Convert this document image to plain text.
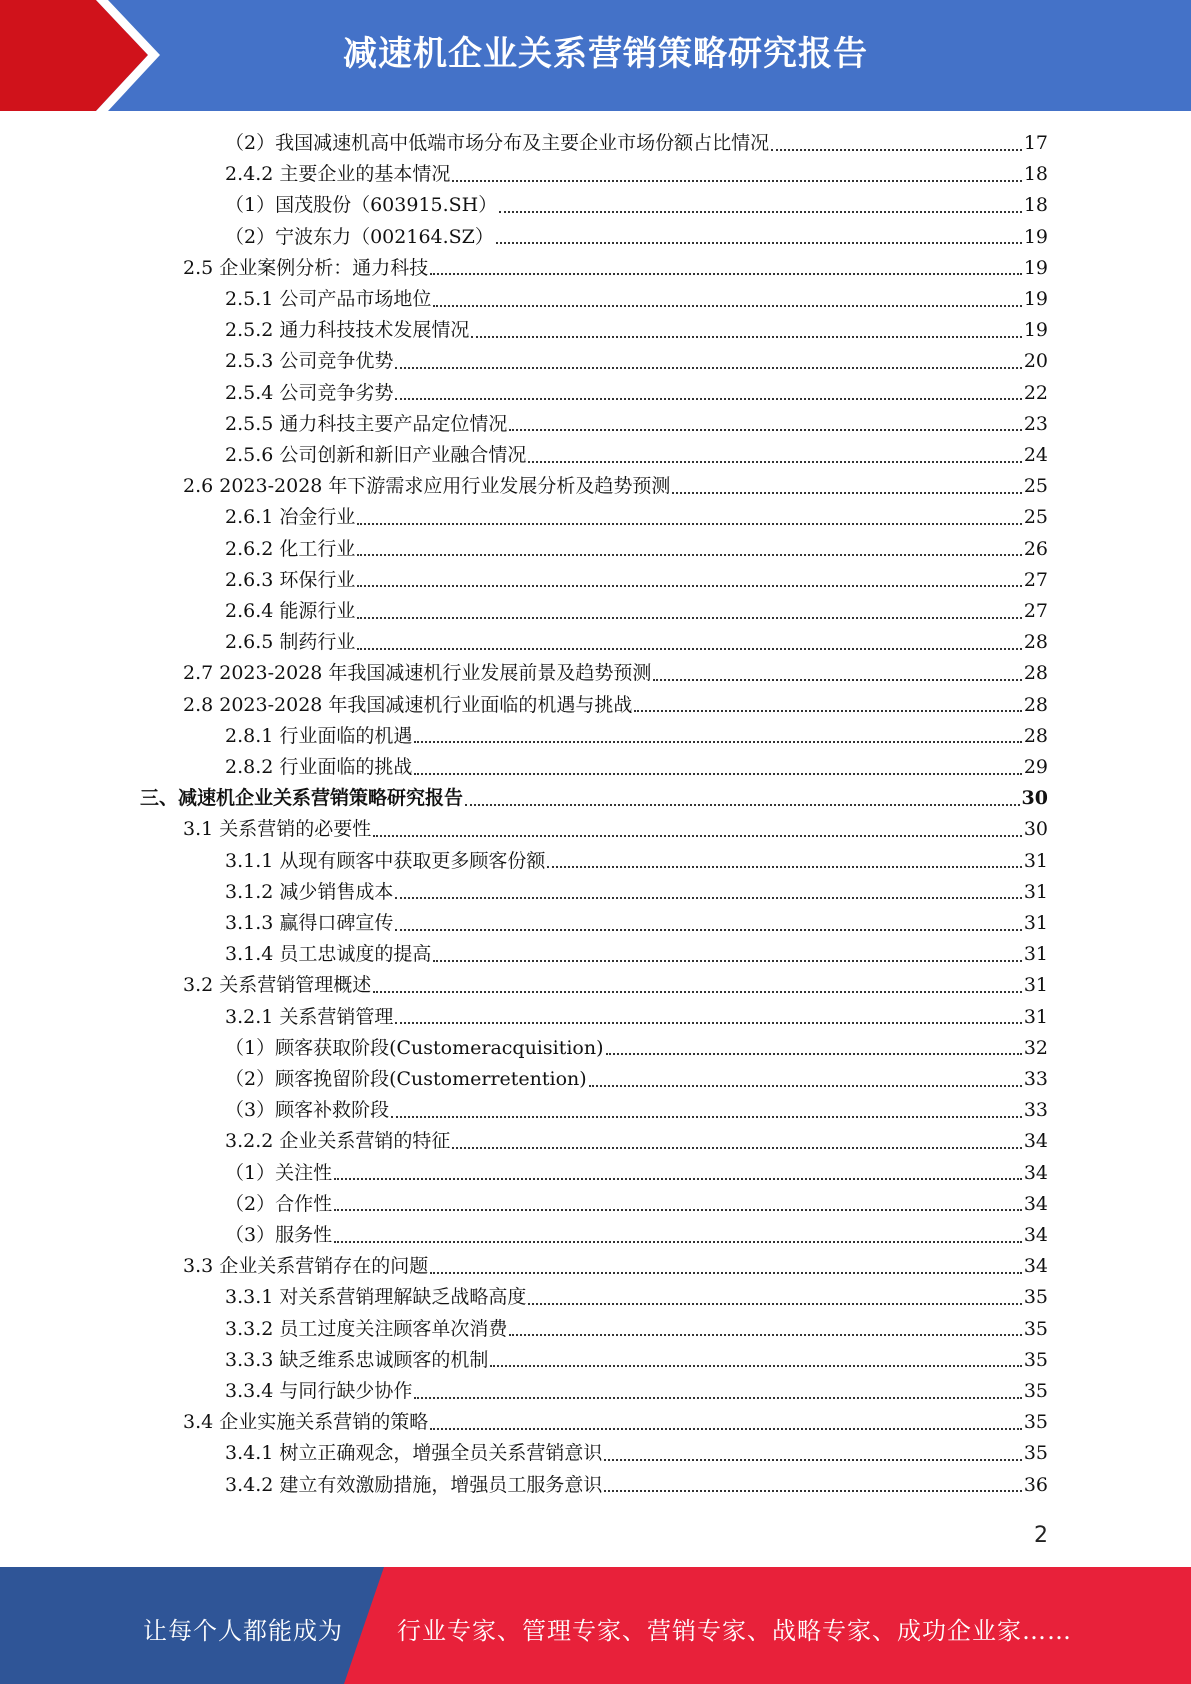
减速机企业关系营销策略研究报告
（2）我国减速机高中低端市场分布及主要企业市场份额占比情况	17
2.4.2 主要企业的基本情况	18
（1）国茂股份（603915.SH）	18
（2）宁波东力（002164.SZ）	19
2.5 企业案例分析：通力科技	19
2.5.1 公司产品市场地位	19
2.5.2 通力科技技术发展情况	19
2.5.3 公司竞争优势	20
2.5.4 公司竞争劣势	22
2.5.5 通力科技主要产品定位情况	23
2.5.6 公司创新和新旧产业融合情况	24
2.6 2023-2028 年下游需求应用行业发展分析及趋势预测	25
2.6.1 冶金行业	25
2.6.2 化工行业	26
2.6.3 环保行业	27
2.6.4 能源行业	27
2.6.5 制药行业	28
2.7 2023-2028 年我国减速机行业发展前景及趋势预测	28
2.8 2023-2028 年我国减速机行业面临的机遇与挑战	28
2.8.1 行业面临的机遇	28
2.8.2 行业面临的挑战	29
三、减速机企业关系营销策略研究报告	30
3.1 关系营销的必要性	30
3.1.1 从现有顾客中获取更多顾客份额	31
3.1.2 减少销售成本	31
3.1.3 赢得口碑宣传	31
3.1.4 员工忠诚度的提高	31
3.2 关系营销管理概述	31
3.2.1 关系营销管理	31
（1）顾客获取阶段(Customeracquisition)	32
（2）顾客挽留阶段(Customerretention)	33
（3）顾客补救阶段	33
3.2.2 企业关系营销的特征	34
（1）关注性	34
（2）合作性	34
（3）服务性	34
3.3 企业关系营销存在的问题	34
3.3.1 对关系营销理解缺乏战略高度	35
3.3.2 员工过度关注顾客单次消费	35
3.3.3 缺乏维系忠诚顾客的机制	35
3.3.4 与同行缺少协作	35
3.4 企业实施关系营销的策略	35
3.4.1 树立正确观念，增强全员关系营销意识	35
3.4.2 建立有效激励措施，增强员工服务意识	36
2
让每个人都能成为 行业专家、管理专家、营销专家、战略专家、成功企业家……
